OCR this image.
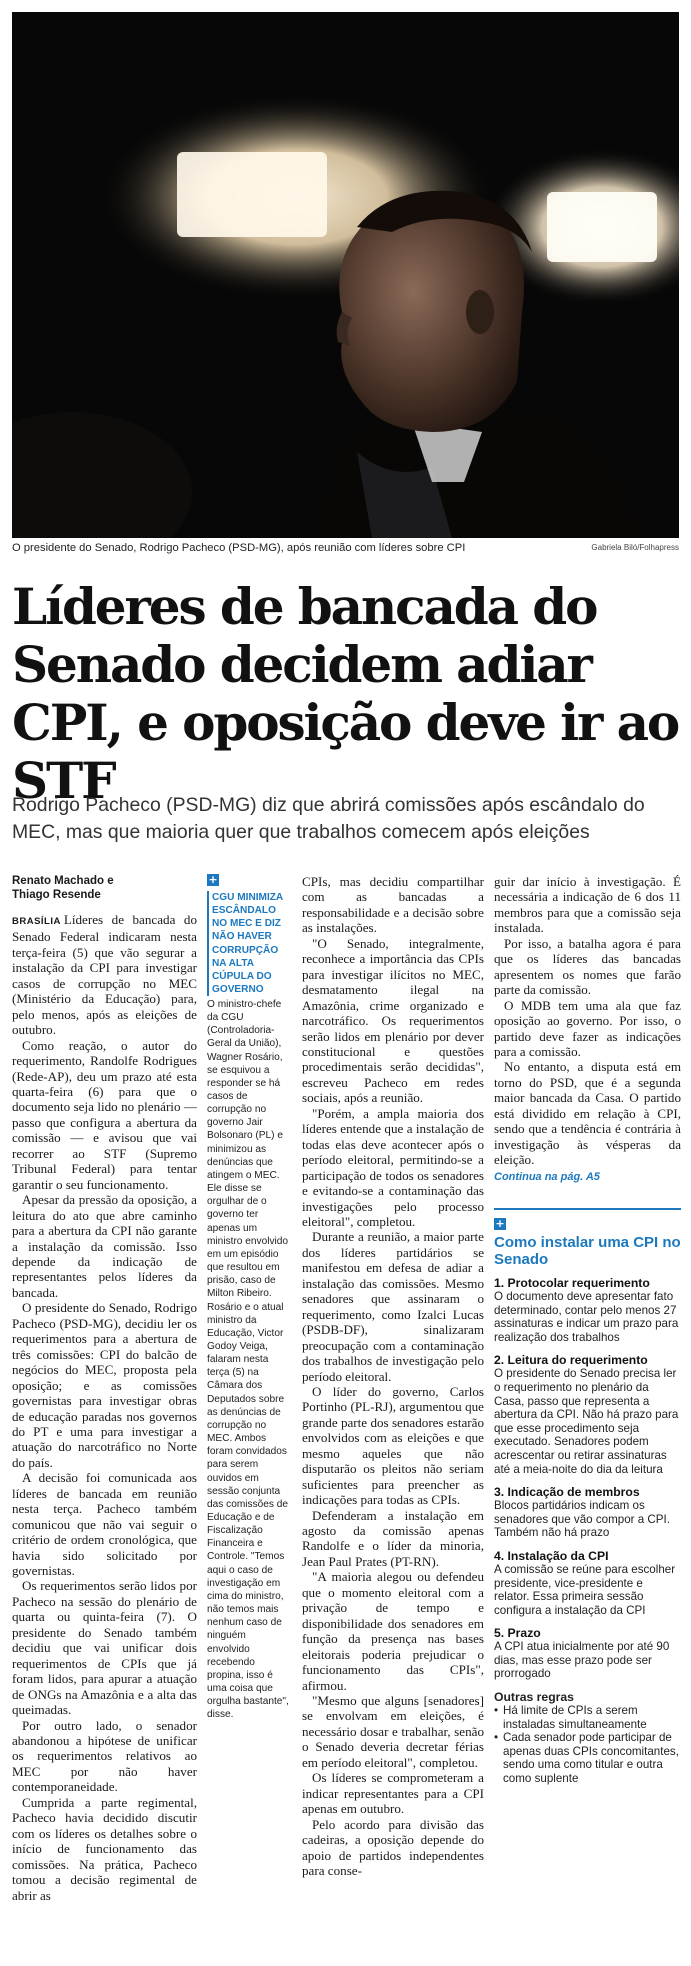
O presidente do Senado, Rodrigo Pacheco (PSD-MG), após reunião com líderes sobre CPI	Gabriela Biló/Folhapress
Líderes de bancada do Senado decidem adiar CPI, e oposição deve ir ao STF
Rodrigo Pacheco (PSD-MG) diz que abrirá comissões após escândalo do MEC, mas que maioria quer que trabalhos comecem após eleições
Renato Machado e
Thiago Resende

BRASÍLIA Líderes de bancada do Senado Federal indicaram nesta terça-feira (5) que vão segurar a instalação da CPI para investigar casos de corrupção no MEC (Ministério da Educação) para, pelo menos, após as eleições de outubro.

Como reação, o autor do requerimento, Randolfe Rodrigues (Rede-AP), deu um prazo até esta quarta-feira (6) para que o documento seja lido no plenário — passo que configura a abertura da comissão — e avisou que vai recorrer ao STF (Supremo Tribunal Federal) para tentar garantir o seu funcionamento.

Apesar da pressão da oposição, a leitura do ato que abre caminho para a abertura da CPI não garante a instalação da comissão. Isso depende da indicação de representantes pelos líderes da bancada.

O presidente do Senado, Rodrigo Pacheco (PSD-MG), decidiu ler os requerimentos para a abertura de três comissões: CPI do balcão de negócios do MEC, proposta pela oposição; e as comissões governistas para investigar obras de educação paradas nos governos do PT e uma para investigar a atuação do narcotráfico no Norte do país.

A decisão foi comunicada aos líderes de bancada em reunião nesta terça. Pacheco também comunicou que não vai seguir o critério de ordem cronológica, que havia sido solicitado por governistas.

Os requerimentos serão lidos por Pacheco na sessão do plenário de quarta ou quinta-feira (7). O presidente do Senado também decidiu que vai unificar dois requerimentos de CPIs que já foram lidos, para apurar a atuação de ONGs na Amazônia e a alta das queimadas.

Por outro lado, o senador abandonou a hipótese de unificar os requerimentos relativos ao MEC por não haver contemporaneidade.

Cumprida a parte regimental, Pacheco havia decidido discutir com os líderes os detalhes sobre o início de funcionamento das comissões. Na prática, Pacheco tomou a decisão regimental de abrir as

+
CGU MINIMIZA ESCÂNDALO NO MEC E DIZ NÃO HAVER CORRUPÇÃO NA ALTA CÚPULA DO GOVERNO
O ministro-chefe da CGU (Controladoria-Geral da União), Wagner Rosário, se esquivou a responder se há casos de corrupção no governo Jair Bolsonaro (PL) e minimizou as denúncias que atingem o MEC. Ele disse se orgulhar de o governo ter apenas um ministro envolvido em um episódio que resultou em prisão, caso de Milton Ribeiro. Rosário e o atual ministro da Educação, Victor Godoy Veiga, falaram nesta terça (5) na Câmara dos Deputados sobre as denúncias de corrupção no MEC. Ambos foram convidados para serem ouvidos em sessão conjunta das comissões de Educação e de Fiscalização Financeira e Controle. "Temos aqui o caso de investigação em cima do ministro, não temos mais nenhum caso de ninguém envolvido recebendo propina, isso é uma coisa que orgulha bastante", disse.

CPIs, mas decidiu compartilhar com as bancadas a responsabilidade e a decisão sobre as instalações.

"O Senado, integralmente, reconhece a importância das CPIs para investigar ilícitos no MEC, desmatamento ilegal na Amazônia, crime organizado e narcotráfico. Os requerimentos serão lidos em plenário por dever constitucional e questões procedimentais serão decididas", escreveu Pacheco em redes sociais, após a reunião.

"Porém, a ampla maioria dos líderes entende que a instalação de todas elas deve acontecer após o período eleitoral, permitindo-se a participação de todos os senadores e evitando-se a contaminação das investigações pelo processo eleitoral", completou.

Durante a reunião, a maior parte dos líderes partidários se manifestou em defesa de adiar a instalação das comissões. Mesmo senadores que assinaram o requerimento, como Izalci Lucas (PSDB-DF), sinalizaram preocupação com a contaminação dos trabalhos de investigação pelo período eleitoral.

O líder do governo, Carlos Portinho (PL-RJ), argumentou que grande parte dos senadores estarão envolvidos com as eleições e que mesmo aqueles que não disputarão os pleitos não seriam suficientes para preencher as indicações para todas as CPIs.

Defenderam a instalação em agosto da comissão apenas Randolfe e o líder da minoria, Jean Paul Prates (PT-RN).

"A maioria alegou ou defendeu que o momento eleitoral com a privação de tempo e disponibilidade dos senadores em função da presença nas bases eleitorais poderia prejudicar o funcionamento das CPIs", afirmou.

"Mesmo que alguns [senadores] se envolvam em eleições, é necessário dosar e trabalhar, senão o Senado deveria decretar férias em período eleitoral", completou.

Os líderes se comprometeram a indicar representantes para a CPI apenas em outubro.

Pelo acordo para divisão das cadeiras, a oposição depende do apoio de partidos independentes para conse-

guir dar início à investigação. É necessária a indicação de 6 dos 11 membros para que a comissão seja instalada.

Por isso, a batalha agora é para que os líderes das bancadas apresentem os nomes que farão parte da comissão.

O MDB tem uma ala que faz oposição ao governo. Por isso, o partido deve fazer as indicações para a comissão.

No entanto, a disputa está em torno do PSD, que é a segunda maior bancada da Casa. O partido está dividido em relação à CPI, sendo que a tendência é contrária à investigação às vésperas da eleição.

Continua na pág. A5

+
Como instalar uma CPI no Senado
1. Protocolar requerimento
O documento deve apresentar fato determinado, contar pelo menos 27 assinaturas e indicar um prazo para realização dos trabalhos
2. Leitura do requerimento
O presidente do Senado precisa ler o requerimento no plenário da Casa, passo que representa a abertura da CPI. Não há prazo para que esse procedimento seja executado. Senadores podem acrescentar ou retirar assinaturas até a meia-noite do dia da leitura
3. Indicação de membros
Blocos partidários indicam os senadores que vão compor a CPI. Também não há prazo
4. Instalação da CPI
A comissão se reúne para escolher presidente, vice-presidente e relator. Essa primeira sessão configura a instalação da CPI
5. Prazo
A CPI atua inicialmente por até 90 dias, mas esse prazo pode ser prorrogado
Outras regras
• Há limite de CPIs a serem instaladas simultaneamente
• Cada senador pode participar de apenas duas CPIs concomitantes, sendo uma como titular e outra como suplente
